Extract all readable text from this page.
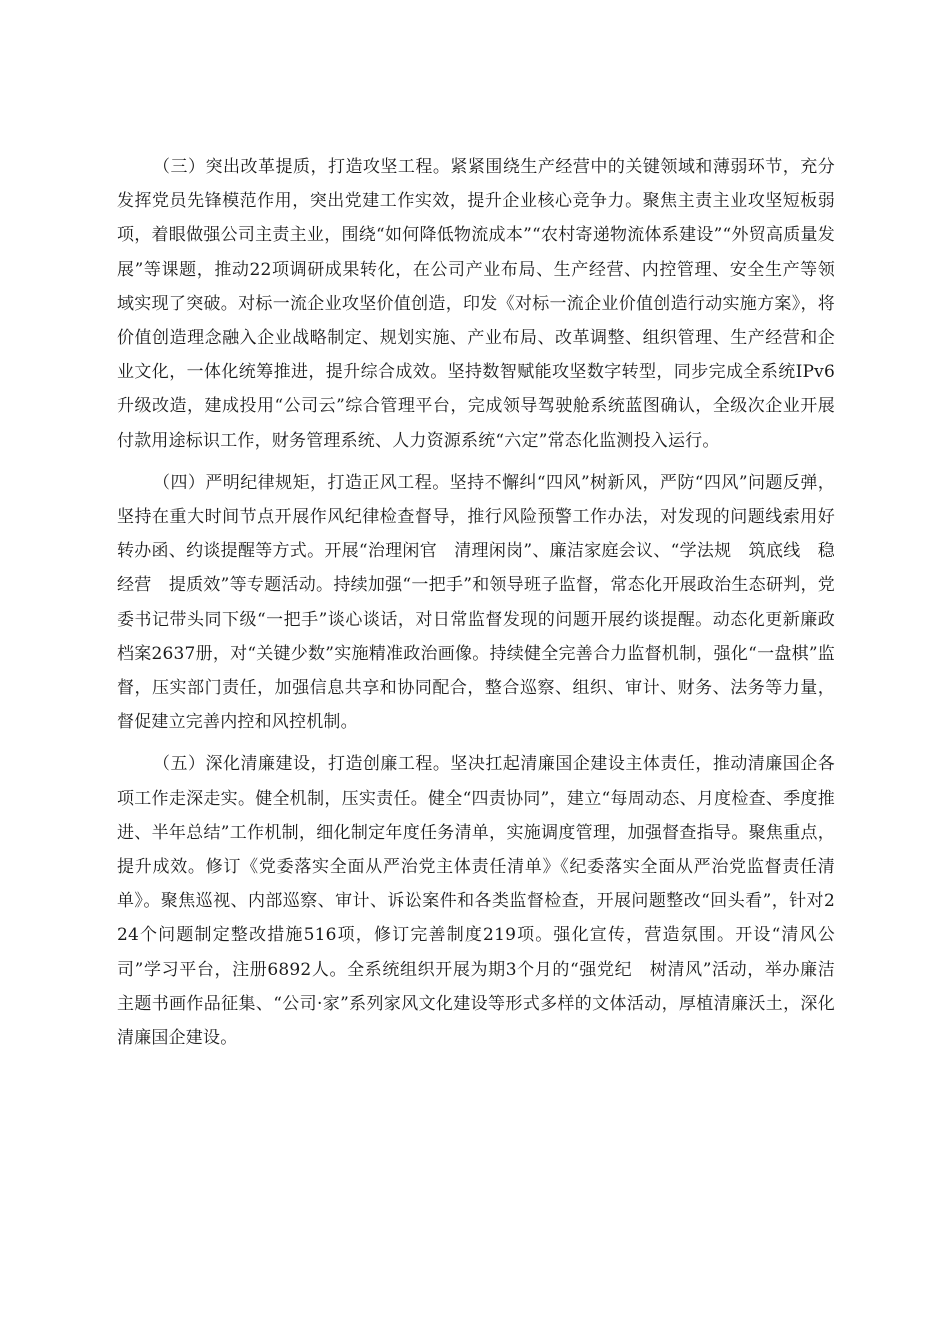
（三）突出改革提质，打造攻坚工程。紧紧围绕生产经营中的关键领域和薄弱环节，充分发挥党员先锋模范作用，突出党建工作实效，提升企业核心竞争力。聚焦主责主业攻坚短板弱项，着眼做强公司主责主业，围绕“如何降低物流成本”“农村寄递物流体系建设”“外贸高质量发展”等课题，推动22项调研成果转化，在公司产业布局、生产经营、内控管理、安全生产等领域实现了突破。对标一流企业攻坚价值创造，印发《对标一流企业价值创造行动实施方案》，将价值创造理念融入企业战略制定、规划实施、产业布局、改革调整、组织管理、生产经营和企业文化，一体化统筹推进，提升综合成效。坚持数智赋能攻坚数字转型，同步完成全系统IPv6升级改造，建成投用“公司云”综合管理平台，完成领导驾驶舱系统蓝图确认，全级次企业开展付款用途标识工作，财务管理系统、人力资源系统“六定”常态化监测投入运行。

（四）严明纪律规矩，打造正风工程。坚持不懈纠“四风”树新风，严防“四风”问题反弹，坚持在重大时间节点开展作风纪律检查督导，推行风险预警工作办法，对发现的问题线索用好转办函、约谈提醒等方式。开展“治理闲官　清理闲岗”、廉洁家庭会议、“学法规　筑底线　稳经营　提质效”等专题活动。持续加强“一把手”和领导班子监督，常态化开展政治生态研判，党委书记带头同下级“一把手”谈心谈话，对日常监督发现的问题开展约谈提醒。动态化更新廉政档案2637册，对“关键少数”实施精准政治画像。持续健全完善合力监督机制，强化“一盘棋”监督，压实部门责任，加强信息共享和协同配合，整合巡察、组织、审计、财务、法务等力量，督促建立完善内控和风控机制。

（五）深化清廉建设，打造创廉工程。坚决扛起清廉国企建设主体责任，推动清廉国企各项工作走深走实。健全机制，压实责任。健全“四责协同”，建立“每周动态、月度检查、季度推进、半年总结”工作机制，细化制定年度任务清单，实施调度管理，加强督查指导。聚焦重点，提升成效。修订《党委落实全面从严治党主体责任清单》《纪委落实全面从严治党监督责任清单》。聚焦巡视、内部巡察、审计、诉讼案件和各类监督检查，开展问题整改“回头看”，针对224个问题制定整改措施516项，修订完善制度219项。强化宣传，营造氛围。开设“清风公司”学习平台，注册6892人。全系统组织开展为期3个月的“强党纪　树清风”活动，举办廉洁主题书画作品征集、“公司·家”系列家风文化建设等形式多样的文体活动，厚植清廉沃土，深化清廉国企建设。
